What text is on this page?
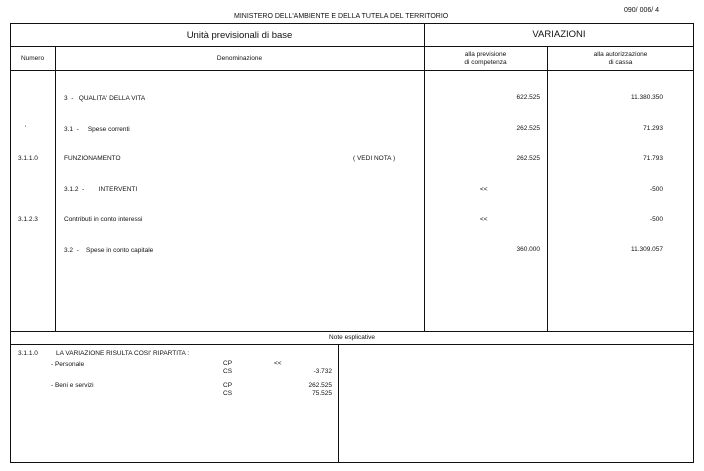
MINISTERO DELL'AMBIENTE E DELLA TUTELA DEL TERRITORIO
090/ 006/ 4
Unità previsionali di base	VARIAZIONI
Numero	Denominazione
alla previsione
di competenza
alla autorizzazione
di cassa
3  -   QUALITA' DELLA VITA	622.525	11.380.350
'	3.1  -     Spese correnti	262.525	71.293
3.1.1.0	FUNZIONAMENTO	( VEDI NOTA )	262.525	71.793
3.1.2  -        INTERVENTI	<<	-500
3.1.2.3	Contributi in conto interessi	<<	-500
3.2  -    Spese in conto capitale	360.000	11.309.057
Note esplicative
3.1.1.0	LA VARIAZIONE RISULTA COSI' RIPARTITA :
- Personale	CP	<<
CS	-3.732
- Beni e servizi	CP	262.525
CS	75.525
